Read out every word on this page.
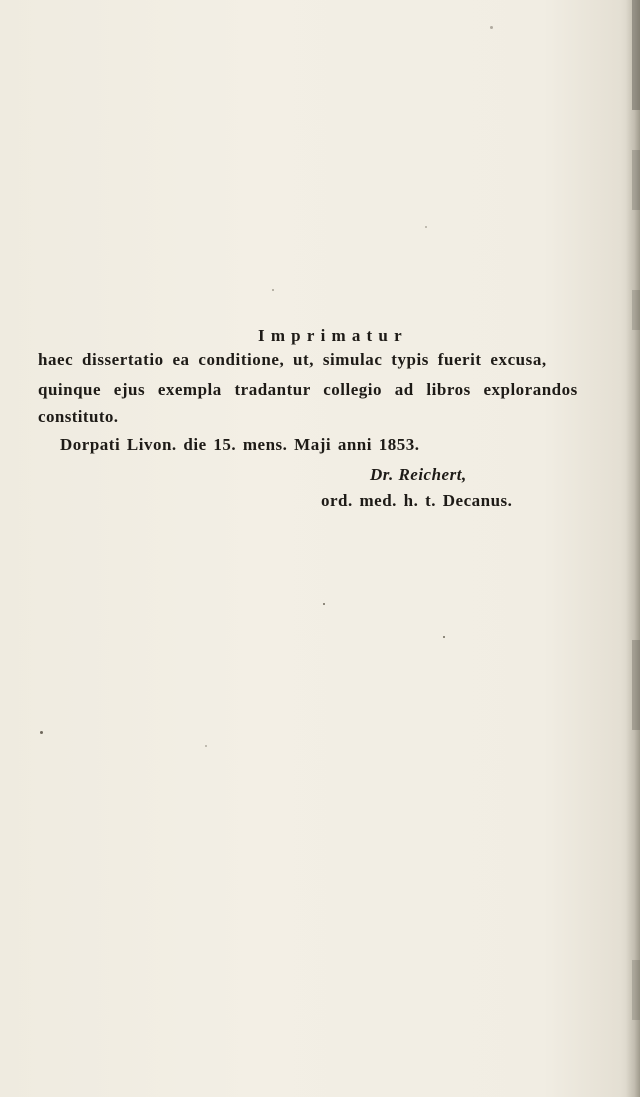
Imprimatur
haec dissertatio ea conditione, ut, simulac typis fuerit excusa,
quinque ejus exempla tradantur collegio ad libros explorandos
constituto.
Dorpati Livon. die 15. mens. Maji anni 1853.
Dr. Reichert,
ord. med. h. t. Decanus.
